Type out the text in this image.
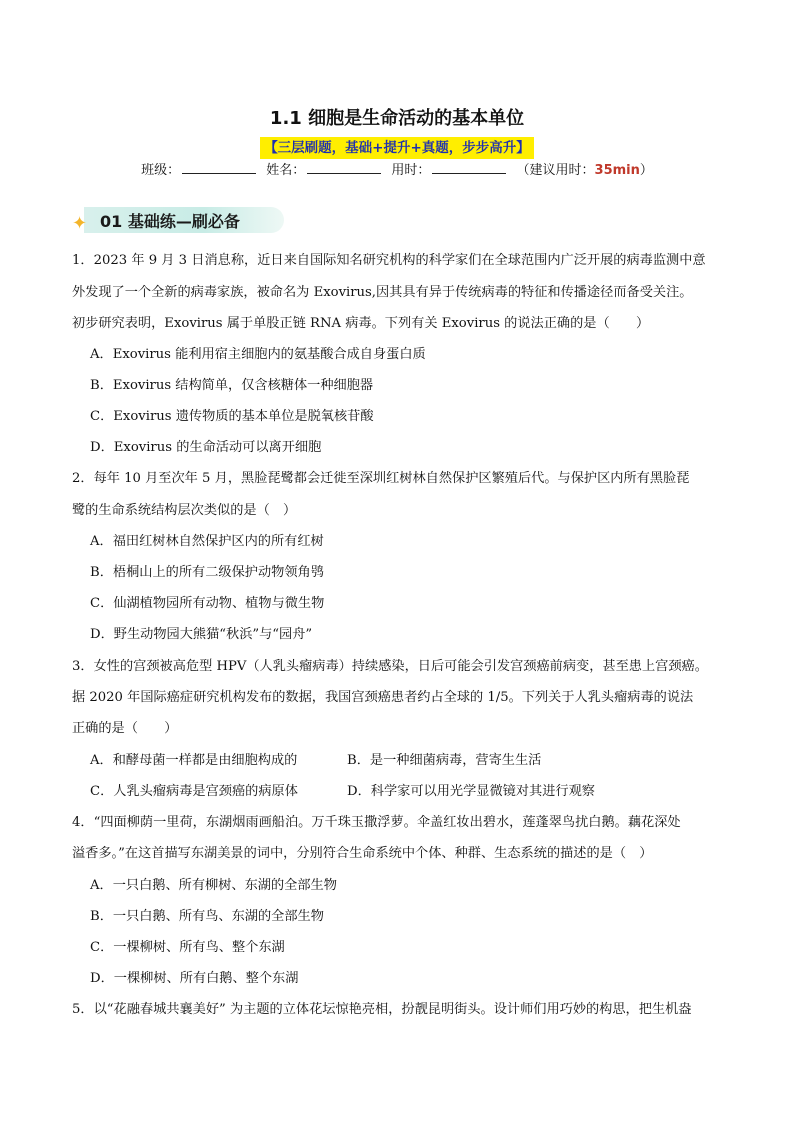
1.1 细胞是生命活动的基本单位
【三层刷题，基础+提升+真题，步步高升】
班级：	姓名：	用时：	（建议用时：35min）
✦ 01 基础练—刷必备
1．2023 年 9 月 3 日消息称，近日来自国际知名研究机构的科学家们在全球范围内广泛开展的病毒监测中意
外发现了一个全新的病毒家族，被命名为 Exovirus,因其具有异于传统病毒的特征和传播途径而备受关注。
初步研究表明，Exovirus 属于单股正链 RNA 病毒。下列有关 Exovirus 的说法正确的是（　　）
A．Exovirus 能利用宿主细胞内的氨基酸合成自身蛋白质
B．Exovirus 结构简单，仅含核糖体一种细胞器
C．Exovirus 遗传物质的基本单位是脱氧核苷酸
D．Exovirus 的生命活动可以离开细胞
2．每年 10 月至次年 5 月，黑脸琵鹭都会迁徙至深圳红树林自然保护区繁殖后代。与保护区内所有黑脸琵
鹭的生命系统结构层次类似的是（　）
A．福田红树林自然保护区内的所有红树
B．梧桐山上的所有二级保护动物领角鸮
C．仙湖植物园所有动物、植物与微生物
D．野生动物园大熊猫“秋浜”与“园舟”
3．女性的宫颈被高危型 HPV（人乳头瘤病毒）持续感染，日后可能会引发宫颈癌前病变，甚至患上宫颈癌。
据 2020 年国际癌症研究机构发布的数据，我国宫颈癌患者约占全球的 1/5。下列关于人乳头瘤病毒的说法
正确的是（　　）
A．和酵母菌一样都是由细胞构成的	B．是一种细菌病毒，营寄生生活
C．人乳头瘤病毒是宫颈癌的病原体	D．科学家可以用光学显微镜对其进行观察
4．“四面柳荫一里荷，东湖烟雨画船泊。万千珠玉撒浮萝。伞盖红妆出碧水，莲蓬翠鸟扰白鹅。藕花深处
溢香多。”在这首描写东湖美景的词中，分别符合生命系统中个体、种群、生态系统的描述的是（　）
A．一只白鹅、所有柳树、东湖的全部生物
B．一只白鹅、所有鸟、东湖的全部生物
C．一棵柳树、所有鸟、整个东湖
D．一棵柳树、所有白鹅、整个东湖
5．以“花融春城共襄美好” 为主题的立体花坛惊艳亮相，扮靓昆明街头。设计师们用巧妙的构思，把生机盎
